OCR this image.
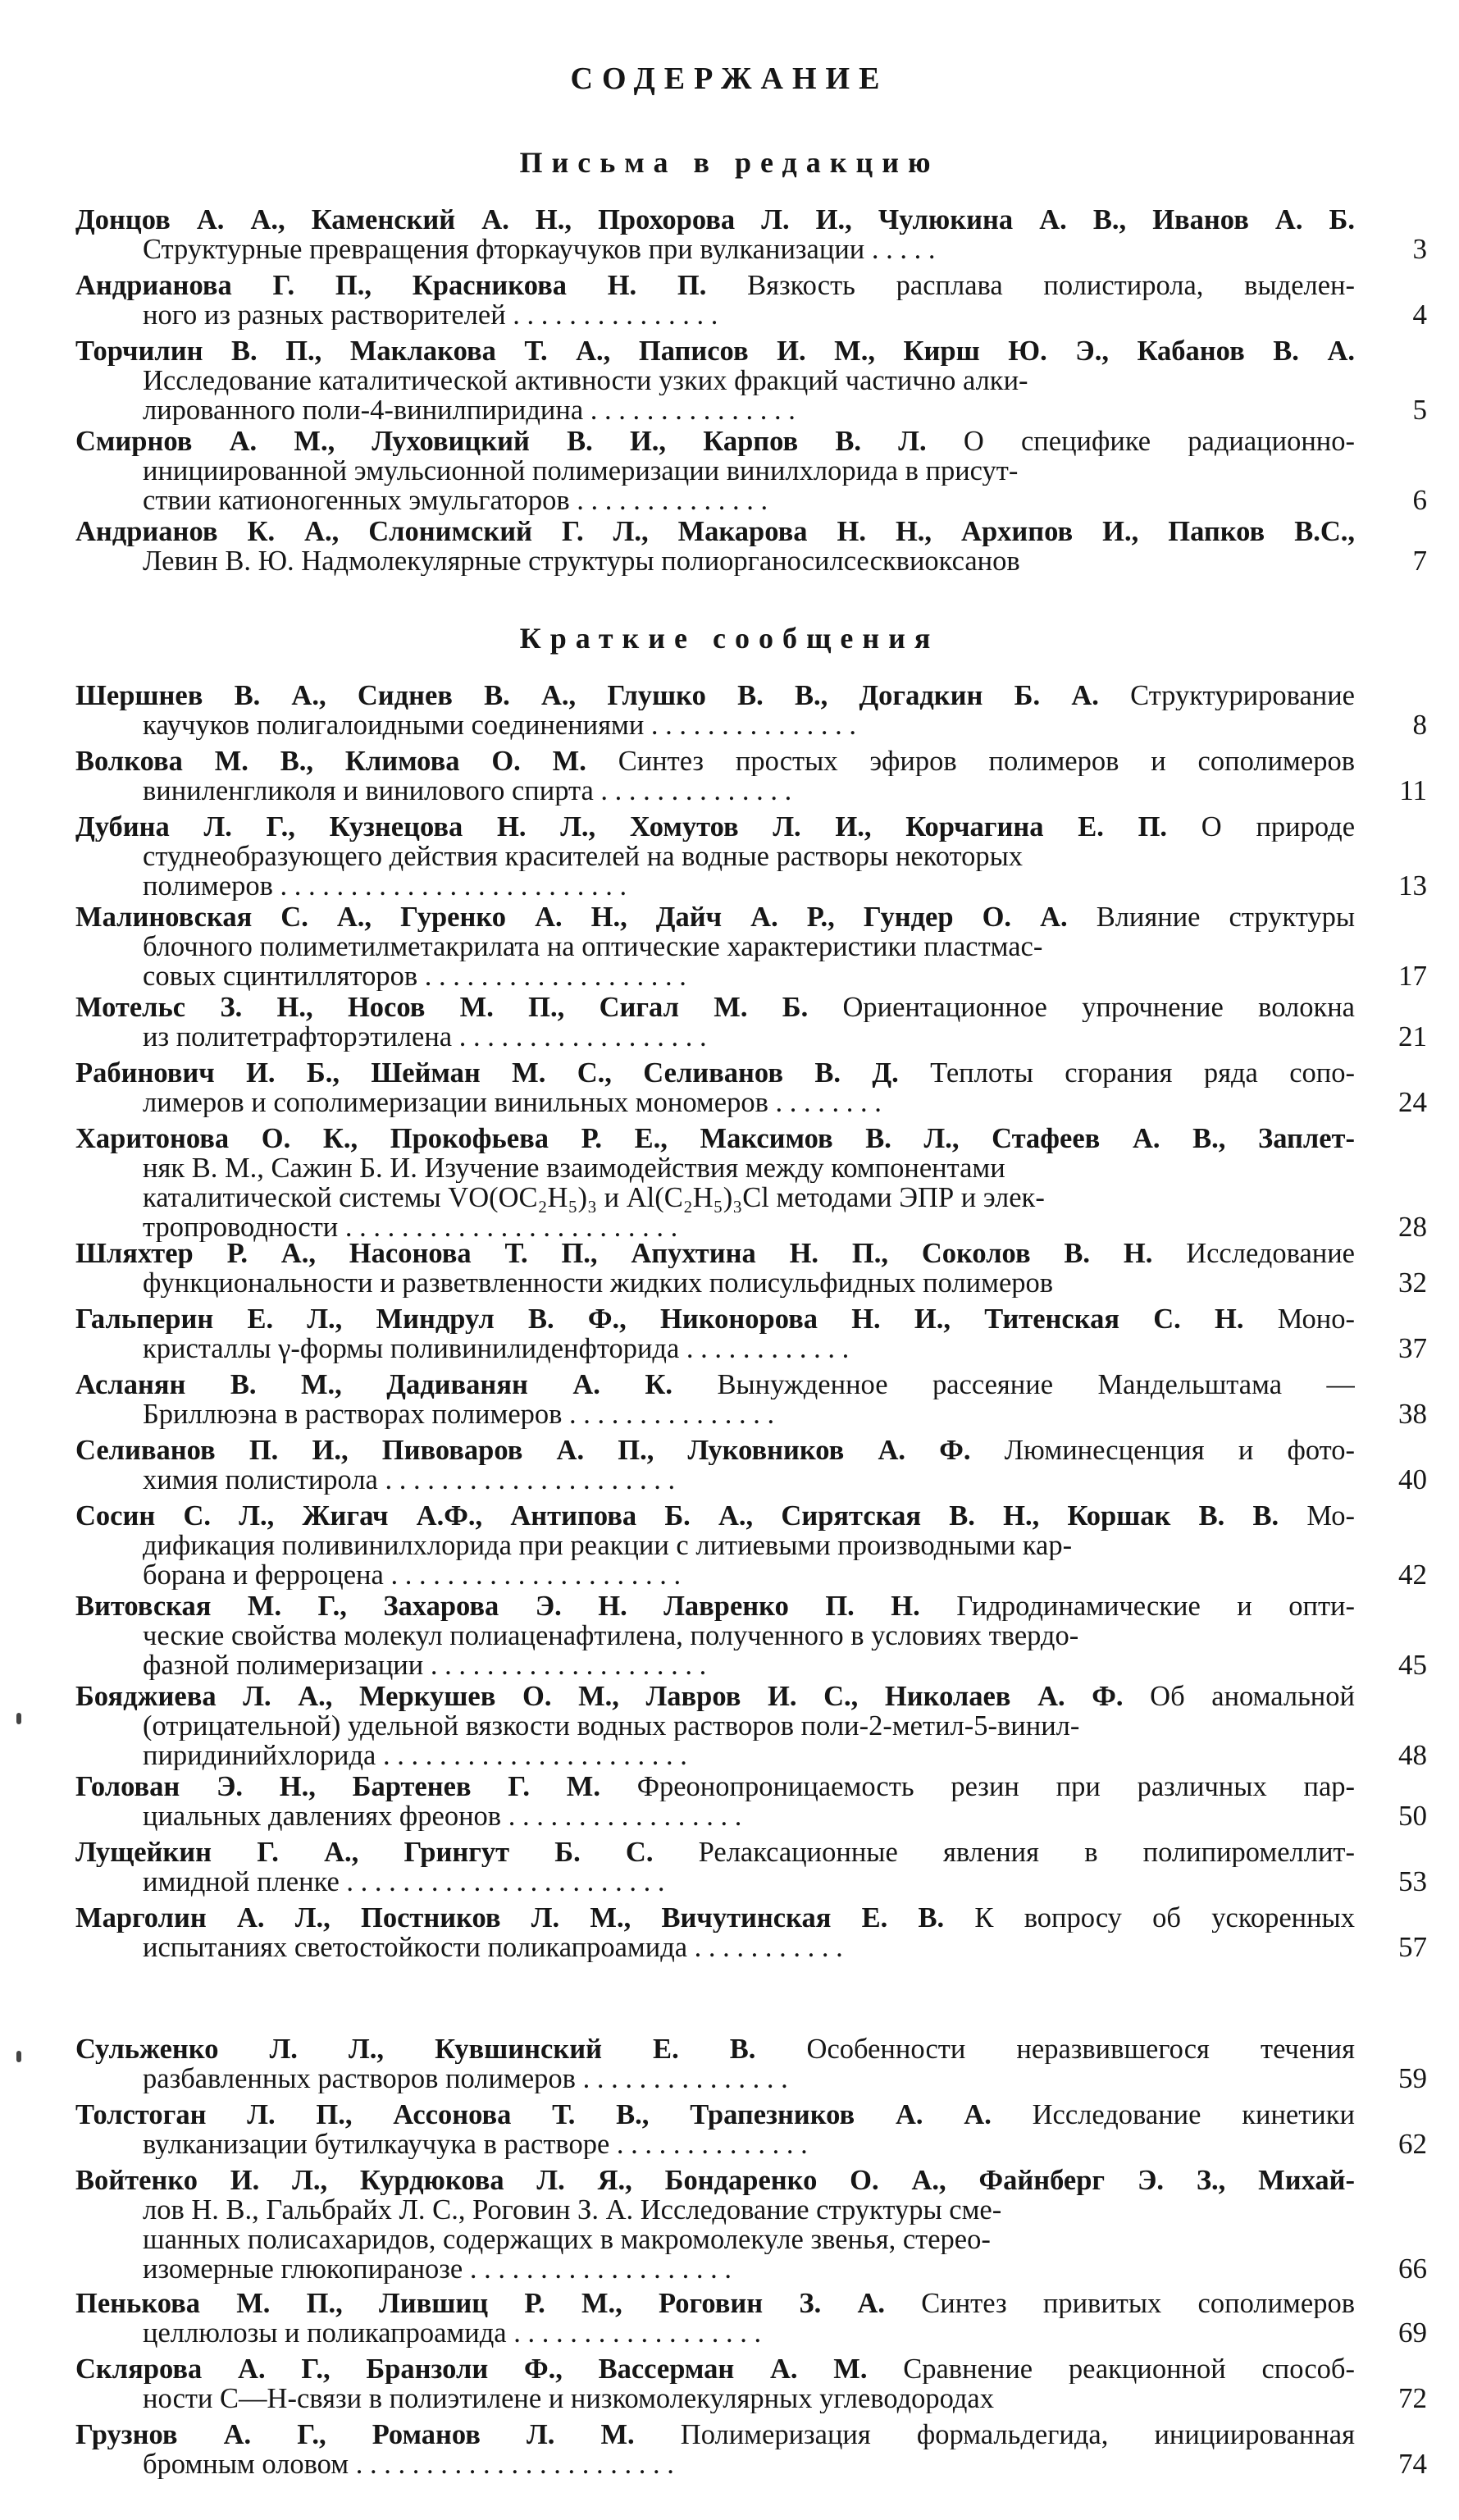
СОДЕРЖАНИЕ
Письма в редакцию
Краткие сообщения
Донцов А. А., Каменский А. Н., Прохорова Л. И., Чулюкина А. В., Иванов А. Б.
Структурные превращения фторкаучуков при вулканизации . . . . .	3
Андрианова Г. П., Красникова Н. П. Вязкость расплава полистирола, выделен-
ного из разных растворителей . . . . . . . . . . . . . . .	4
Торчилин В. П., Маклакова Т. А., Паписов И. М., Кирш Ю. Э., Кабанов В. А.
Исследование каталитической активности узких фракций частично алки-
лированного поли-4-винилпиридина . . . . . . . . . . . . . . .	5
Смирнов А. М., Луховицкий В. И., Карпов В. Л. О специфике радиационно-
инициированной эмульсионной полимеризации винилхлорида в присут-
ствии катионогенных эмульгаторов . . . . . . . . . . . . . .	6
Андрианов К. А., Слонимский Г. Л., Макарова Н. Н., Архипов И., Папков В.С.,
Левин В. Ю. Надмолекулярные структуры полиорганосилсесквиоксанов	7
Шершнев В. А., Сиднев В. А., Глушко В. В., Догадкин Б. А. Структурирование
каучуков полигалоидными соединениями . . . . . . . . . . . . . . .	8
Волкова М. В., Климова О. М. Синтез простых эфиров полимеров и сополимеров
виниленгликоля и винилового спирта . . . . . . . . . . . . . .	11
Дубина Л. Г., Кузнецова Н. Л., Хомутов Л. И., Корчагина Е. П. О природе
студнеобразующего действия красителей на водные растворы некоторых
полимеров . . . . . . . . . . . . . . . . . . . . . . . . .	13
Малиновская С. А., Гуренко А. Н., Дайч А. Р., Гундер О. А. Влияние структуры
блочного полиметилметакрилата на оптические характеристики пластмас-
совых сцинтилляторов . . . . . . . . . . . . . . . . . . .	17
Мотельс З. Н., Носов М. П., Сигал М. Б. Ориентационное упрочнение волокна
из политетрафторэтилена . . . . . . . . . . . . . . . . . .	21
Рабинович И. Б., Шейман М. С., Селиванов В. Д. Теплоты сгорания ряда сопо-
лимеров и сополимеризации винильных мономеров . . . . . . . .	24
Харитонова О. К., Прокофьева Р. Е., Максимов В. Л., Стафеев А. В., Заплет-
няк В. М., Сажин Б. И. Изучение взаимодействия между компонентами
каталитической системы VO(OC₂H₅)₃ и Al(C₂H₅)₃Cl методами ЭПР и элек-
тропроводности . . . . . . . . . . . . . . . . . . . . . . . .	28
Шляхтер Р. А., Насонова Т. П., Апухтина Н. П., Соколов В. Н. Исследование
функциональности и разветвленности жидких полисульфидных полимеров	32
Гальперин Е. Л., Миндрул В. Ф., Никонорова Н. И., Титенская С. Н. Моно-
кристаллы γ-формы поливинилиденфторида . . . . . . . . . . . .	37
Асланян В. М., Дадиванян А. К. Вынужденное рассеяние Мандельштама —
Бриллюэна в растворах полимеров . . . . . . . . . . . . . . .	38
Селиванов П. И., Пивоваров А. П., Луковников А. Ф. Люминесценция и фото-
химия полистирола . . . . . . . . . . . . . . . . . . . . .	40
Сосин С. Л., Жигач А.Ф., Антипова Б. А., Сирятская В. Н., Коршак В. В. Мо-
дификация поливинилхлорида при реакции с литиевыми производными кар-
борана и ферроцена . . . . . . . . . . . . . . . . . . . . .	42
Витовская М. Г., Захарова Э. Н. Лавренко П. Н. Гидродинамические и опти-
ческие свойства молекул полиаценафтилена, полученного в условиях твердо-
фазной полимеризации . . . . . . . . . . . . . . . . . . . .	45
Бояджиева Л. А., Меркушев О. М., Лавров И. С., Николаев А. Ф. Об аномальной
(отрицательной) удельной вязкости водных растворов поли-2-метил-5-винил-
пиридинийхлорида . . . . . . . . . . . . . . . . . . . . . .	48
Голован Э. Н., Бартенев Г. М. Фреонопроницаемость резин при различных пар-
циальных давлениях фреонов . . . . . . . . . . . . . . . . .	50
Лущейкин Г. А., Грингут Б. С. Релаксационные явления в полипиромеллит-
имидной пленке . . . . . . . . . . . . . . . . . . . . . . .	53
Марголин А. Л., Постников Л. М., Вичутинская Е. В. К вопросу об ускоренных
испытаниях светостойкости поликапроамида . . . . . . . . . . .	57
Сульженко Л. Л., Кувшинский Е. В. Особенности неразвившегося течения
разбавленных растворов полимеров . . . . . . . . . . . . . . .	59
Толстоган Л. П., Ассонова Т. В., Трапезников А. А. Исследование кинетики
вулканизации бутилкаучука в растворе . . . . . . . . . . . . . .	62
Войтенко И. Л., Курдюкова Л. Я., Бондаренко О. А., Файнберг Э. З., Михай-
лов Н. В., Гальбрайх Л. С., Роговин З. А. Исследование структуры сме-
шанных полисахаридов, содержащих в макромолекуле звенья, стерео-
изомерные глюкопиранозе . . . . . . . . . . . . . . . . . . .	66
Пенькова М. П., Лившиц Р. М., Роговин З. А. Синтез привитых сополимеров
целлюлозы и поликапроамида . . . . . . . . . . . . . . . . . .	69
Склярова А. Г., Бранзоли Ф., Вассерман А. М. Сравнение реакционной способ-
ности С—Н-связи в полиэтилене и низкомолекулярных углеводородах	72
Грузнов А. Г., Романов Л. М. Полимеризация формальдегида, инициированная
бромным оловом . . . . . . . . . . . . . . . . . . . . . . .	74
